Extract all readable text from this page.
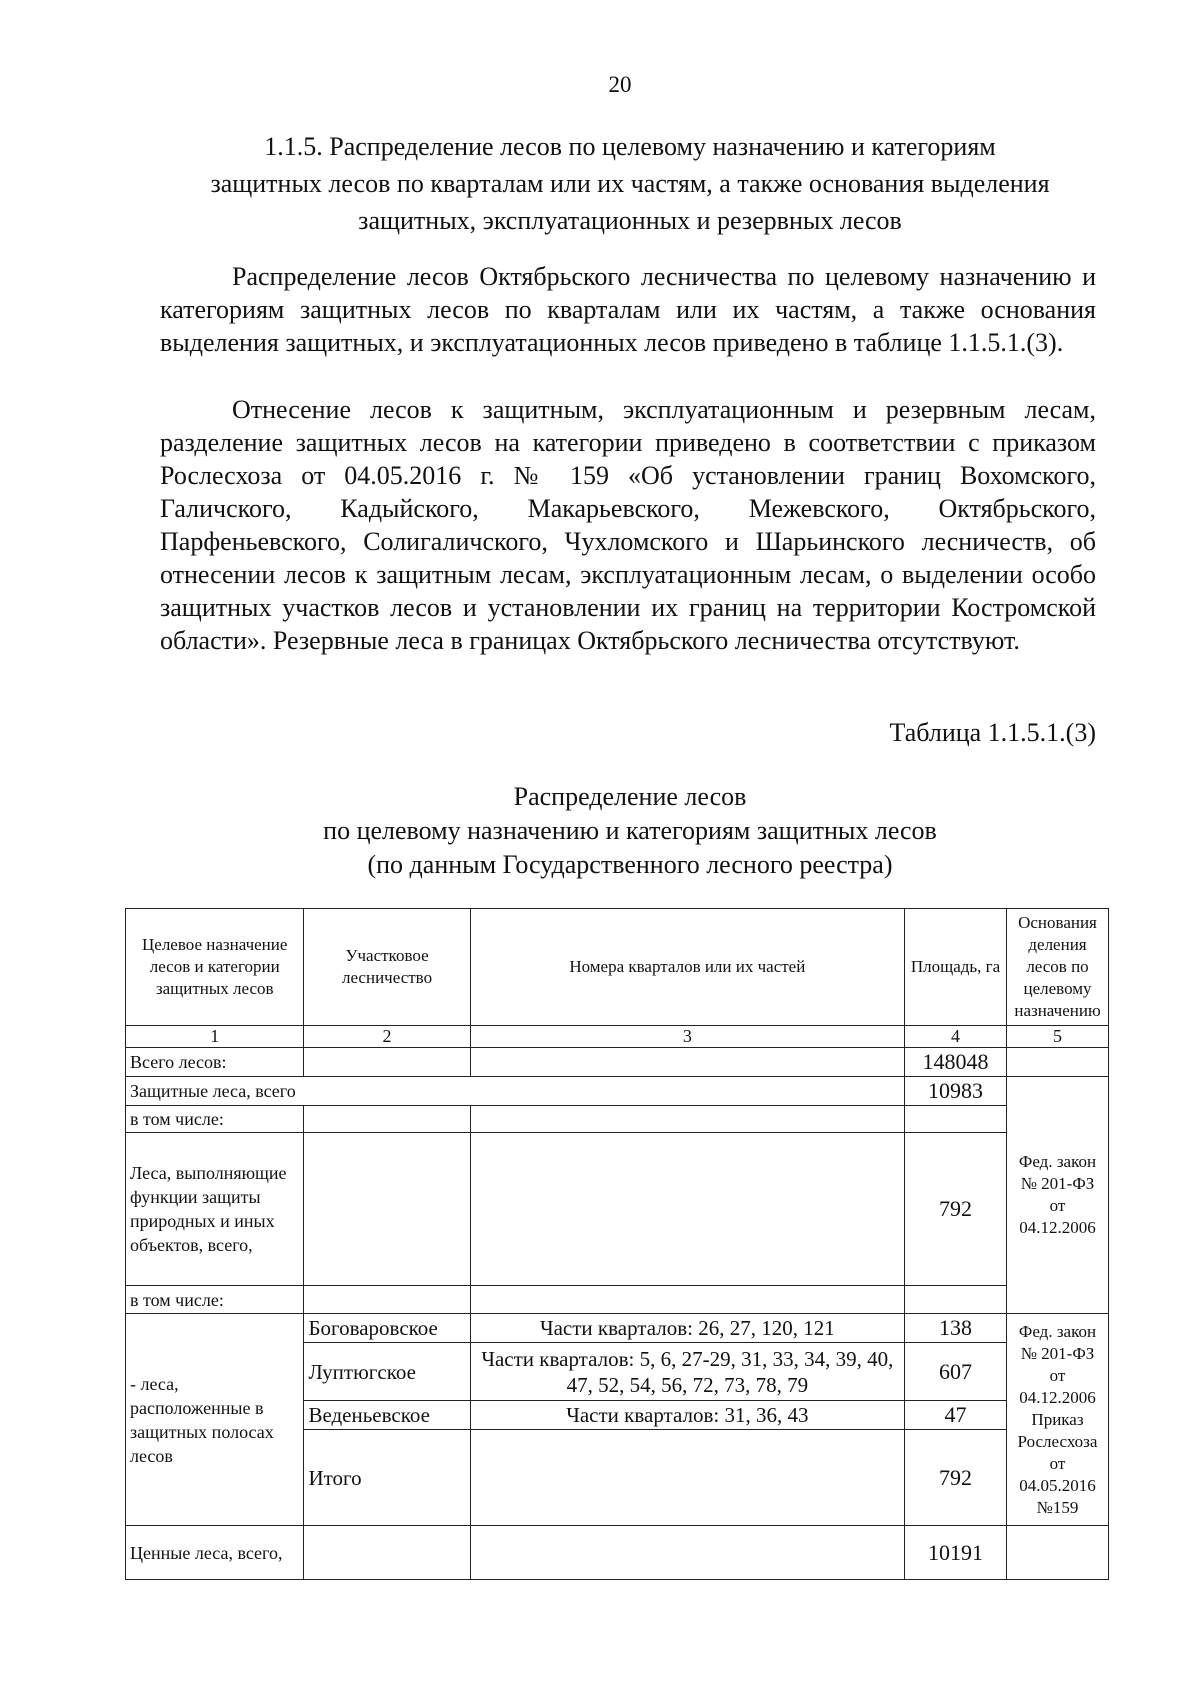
20
1.1.5. Распределение лесов по целевому назначению и категориям
защитных лесов по кварталам или их частям, а также основания выделения
защитных, эксплуатационных и резервных лесов
Распределение лесов Октябрьского лесничества по целевому назначению и категориям защитных лесов по кварталам или их частям, а также основания выделения защитных, и эксплуатационных лесов приведено в таблице 1.1.5.1.(3).
Отнесение лесов к защитным, эксплуатационным и резервным лесам, разделение защитных лесов на категории приведено в соответствии с приказом Рослесхоза от 04.05.2016 г. № 159 «Об установлении границ Вохомского, Галичского, Кадыйского, Макарьевского, Межевского, Октябрьского, Парфеньевского, Солигаличского, Чухломского и Шарьинского лесничеств, об отнесении лесов к защитным лесам, эксплуатационным лесам, о выделении особо защитных участков лесов и установлении их границ на территории Костромской области». Резервные леса в границах Октябрьского лесничества отсутствуют.
Таблица 1.1.5.1.(3)
Распределение лесов
по целевому назначению и категориям защитных лесов
(по данным Государственного лесного реестра)
Целевое назначение лесов и категории защитных лесов	Участковое лесничество	Номера кварталов или их частей	Площадь, га	Основания деления лесов по целевому назначению
1	2	3	4	5
Всего лесов:			148048	
Защитные леса, всего			10983	Фед. закон № 201-ФЗ от 04.12.2006
в том числе:				
Леса, выполняющие функции защиты природных и иных объектов, всего,			792	
в том числе:				
- леса, расположенные в защитных полосах лесов	Боговаровское	Части кварталов: 26, 27, 120, 121	138	Фед. закон № 201-ФЗ от 04.12.2006 Приказ Рослесхоза от 04.05.2016 №159
	Луптюгское	Части кварталов: 5, 6, 27-29, 31, 33, 34, 39, 40, 47, 52, 54, 56, 72, 73, 78, 79	607	
	Веденьевское	Части кварталов: 31, 36, 43	47	
	Итого		792	
Ценные леса, всего,			10191	
